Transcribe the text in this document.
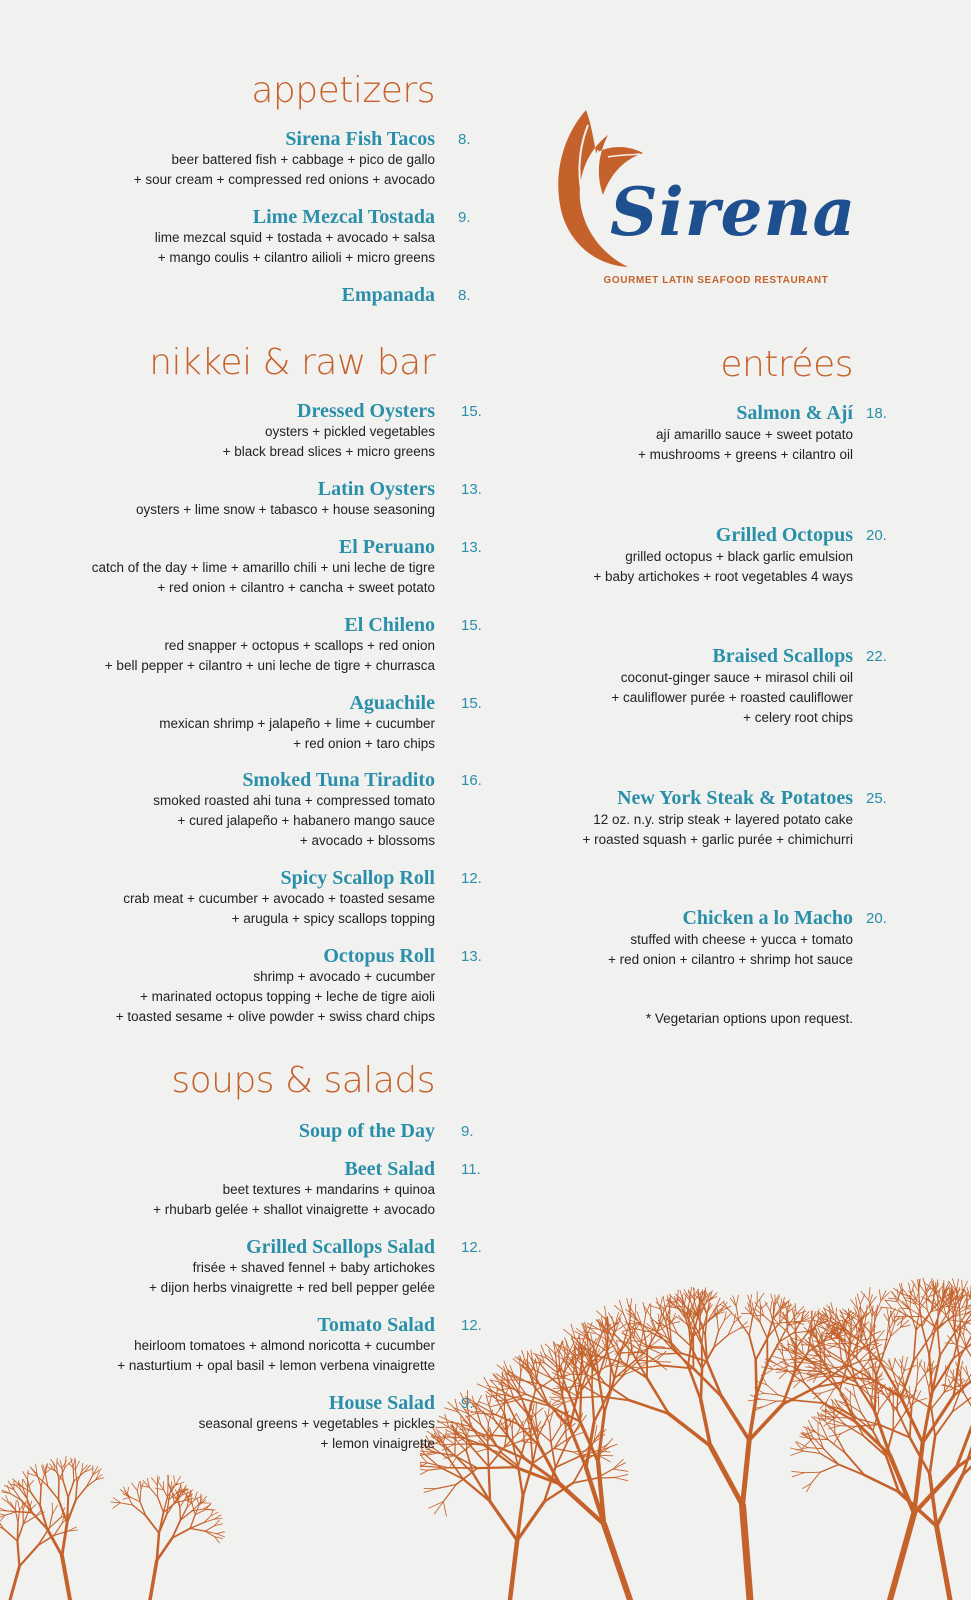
Sirena
GOURMET LATIN SEAFOOD RESTAURANT
appetizers
Sirena Fish Tacos 8.
beer battered fish + cabbage + pico de gallo
+ sour cream + compressed red onions + avocado
Lime Mezcal Tostada 9.
lime mezcal squid + tostada + avocado + salsa
+ mango coulis + cilantro ailioli + micro greens
Empanada 8.
nikkei & raw bar
Dressed Oysters 15.
oysters + pickled vegetables
+ black bread slices + micro greens
Latin Oysters 13.
oysters + lime snow + tabasco + house seasoning
El Peruano 13.
catch of the day + lime + amarillo chili + uni leche de tigre
+ red onion + cilantro + cancha + sweet potato
El Chileno 15.
red snapper + octopus + scallops + red onion
+ bell pepper + cilantro + uni leche de tigre + churrasca
Aguachile 15.
mexican shrimp + jalapeño + lime + cucumber
+ red onion + taro chips
Smoked Tuna Tiradito 16.
smoked roasted ahi tuna + compressed tomato
+ cured jalapeño + habanero mango sauce
+ avocado + blossoms
Spicy Scallop Roll 12.
crab meat + cucumber + avocado + toasted sesame
+ arugula + spicy scallops topping
Octopus Roll 13.
shrimp + avocado + cucumber
+ marinated octopus topping + leche de tigre aioli
+ toasted sesame + olive powder + swiss chard chips
soups & salads
Soup of the Day 9.
Beet Salad 11.
beet textures + mandarins + quinoa
+ rhubarb gelée + shallot vinaigrette + avocado
Grilled Scallops Salad 12.
frisée + shaved fennel + baby artichokes
+ dijon herbs vinaigrette + red bell pepper gelée
Tomato Salad 12.
heirloom tomatoes + almond noricotta + cucumber
+ nasturtium + opal basil + lemon verbena vinaigrette
House Salad 9.
seasonal greens + vegetables + pickles
+ lemon vinaigrette
entrées
Salmon & Ají 18.
ají amarillo sauce + sweet potato
+ mushrooms + greens + cilantro oil
Grilled Octopus 20.
grilled octopus + black garlic emulsion
+ baby artichokes + root vegetables 4 ways
Braised Scallops 22.
coconut-ginger sauce + mirasol chili oil
+ cauliflower purée + roasted cauliflower
+ celery root chips
New York Steak & Potatoes 25.
12 oz. n.y. strip steak + layered potato cake
+ roasted squash + garlic purée + chimichurri
Chicken a lo Macho 20.
stuffed with cheese + yucca + tomato
+ red onion + cilantro + shrimp hot sauce
* Vegetarian options upon request.
